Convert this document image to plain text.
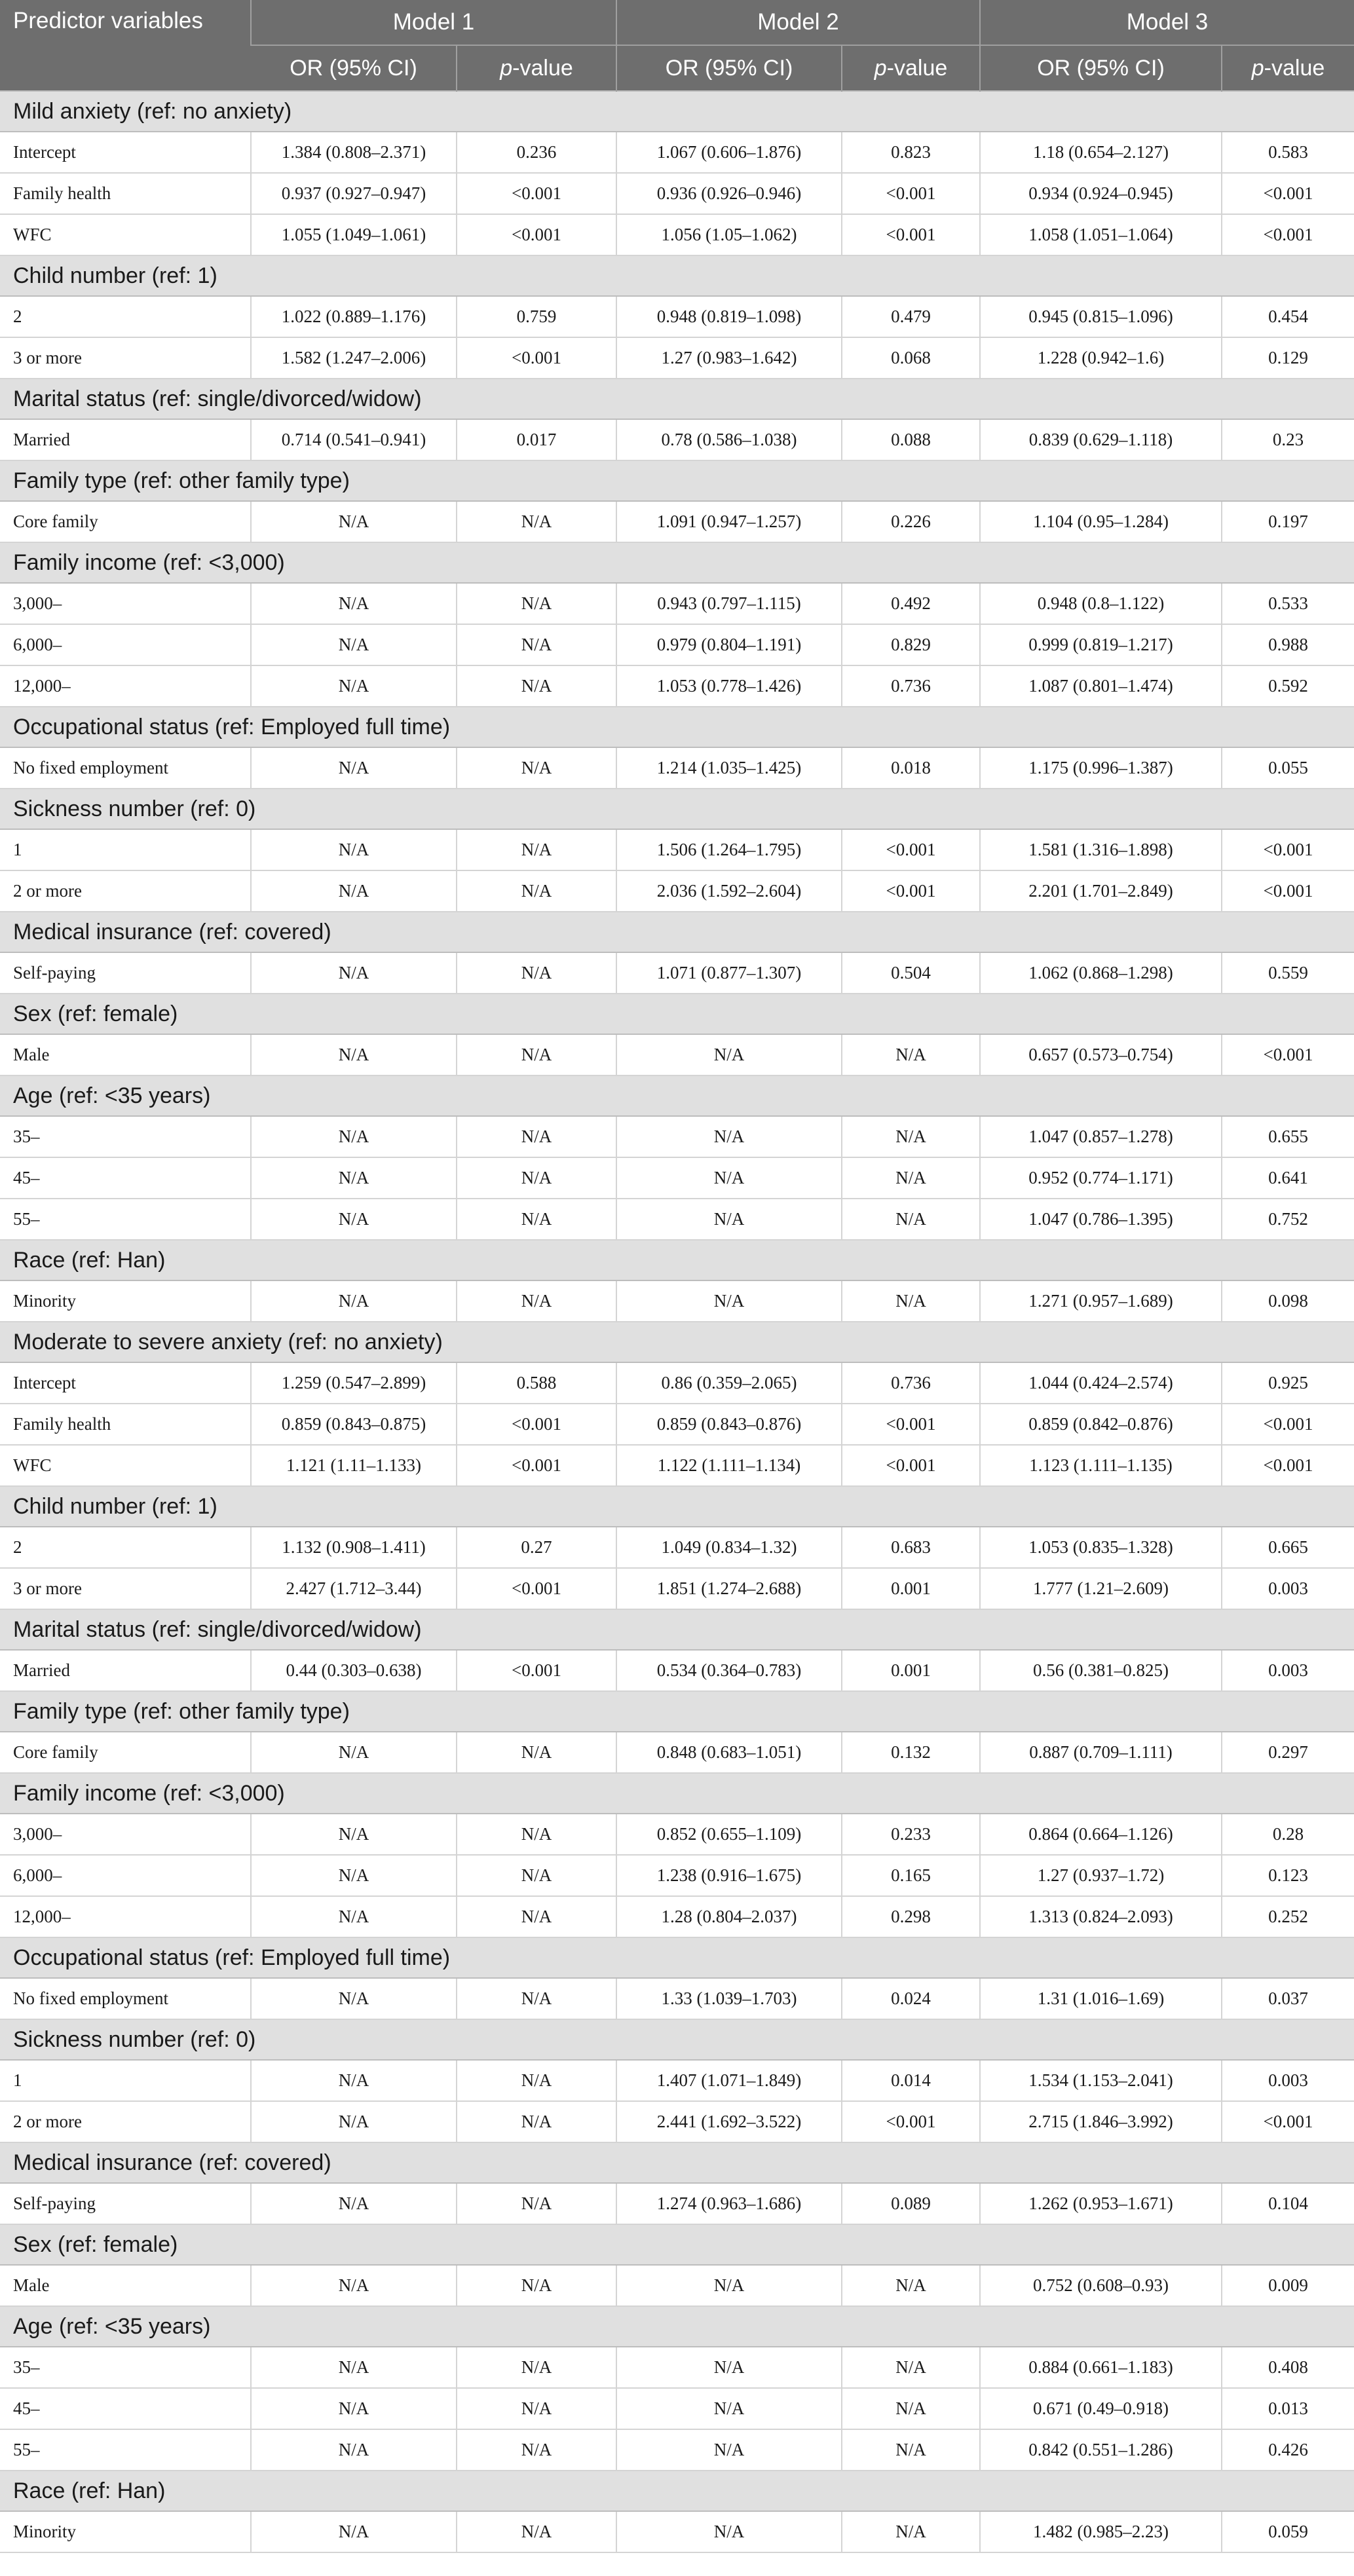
Predictor variables	Model 1		Model 2		Model 3	
	OR (95% CI)	p-value	OR (95% CI)	p-value	OR (95% CI)	p-value
Mild anxiety (ref: no anxiety)						
Intercept	1.384 (0.808–2.371)	0.236	1.067 (0.606–1.876)	0.823	1.18 (0.654–2.127)	0.583
Family health	0.937 (0.927–0.947)	<0.001	0.936 (0.926–0.946)	<0.001	0.934 (0.924–0.945)	<0.001
WFC	1.055 (1.049–1.061)	<0.001	1.056 (1.05–1.062)	<0.001	1.058 (1.051–1.064)	<0.001
Child number (ref: 1)						
2	1.022 (0.889–1.176)	0.759	0.948 (0.819–1.098)	0.479	0.945 (0.815–1.096)	0.454
3 or more	1.582 (1.247–2.006)	<0.001	1.27 (0.983–1.642)	0.068	1.228 (0.942–1.6)	0.129
Marital status (ref: single/divorced/widow)						
Married	0.714 (0.541–0.941)	0.017	0.78 (0.586–1.038)	0.088	0.839 (0.629–1.118)	0.23
Family type (ref: other family type)						
Core family	N/A	N/A	1.091 (0.947–1.257)	0.226	1.104 (0.95–1.284)	0.197
Family income (ref: <3,000)						
3,000–	N/A	N/A	0.943 (0.797–1.115)	0.492	0.948 (0.8–1.122)	0.533
6,000–	N/A	N/A	0.979 (0.804–1.191)	0.829	0.999 (0.819–1.217)	0.988
12,000–	N/A	N/A	1.053 (0.778–1.426)	0.736	1.087 (0.801–1.474)	0.592
Occupational status (ref: Employed full time)						
No fixed employment	N/A	N/A	1.214 (1.035–1.425)	0.018	1.175 (0.996–1.387)	0.055
Sickness number (ref: 0)						
1	N/A	N/A	1.506 (1.264–1.795)	<0.001	1.581 (1.316–1.898)	<0.001
2 or more	N/A	N/A	2.036 (1.592–2.604)	<0.001	2.201 (1.701–2.849)	<0.001
Medical insurance (ref: covered)						
Self-paying	N/A	N/A	1.071 (0.877–1.307)	0.504	1.062 (0.868–1.298)	0.559
Sex (ref: female)						
Male	N/A	N/A	N/A	N/A	0.657 (0.573–0.754)	<0.001
Age (ref: <35 years)						
35–	N/A	N/A	N/A	N/A	1.047 (0.857–1.278)	0.655
45–	N/A	N/A	N/A	N/A	0.952 (0.774–1.171)	0.641
55–	N/A	N/A	N/A	N/A	1.047 (0.786–1.395)	0.752
Race (ref: Han)						
Minority	N/A	N/A	N/A	N/A	1.271 (0.957–1.689)	0.098
Moderate to severe anxiety (ref: no anxiety)						
Intercept	1.259 (0.547–2.899)	0.588	0.86 (0.359–2.065)	0.736	1.044 (0.424–2.574)	0.925
Family health	0.859 (0.843–0.875)	<0.001	0.859 (0.843–0.876)	<0.001	0.859 (0.842–0.876)	<0.001
WFC	1.121 (1.11–1.133)	<0.001	1.122 (1.111–1.134)	<0.001	1.123 (1.111–1.135)	<0.001
Child number (ref: 1)						
2	1.132 (0.908–1.411)	0.27	1.049 (0.834–1.32)	0.683	1.053 (0.835–1.328)	0.665
3 or more	2.427 (1.712–3.44)	<0.001	1.851 (1.274–2.688)	0.001	1.777 (1.21–2.609)	0.003
Marital status (ref: single/divorced/widow)						
Married	0.44 (0.303–0.638)	<0.001	0.534 (0.364–0.783)	0.001	0.56 (0.381–0.825)	0.003
Family type (ref: other family type)						
Core family	N/A	N/A	0.848 (0.683–1.051)	0.132	0.887 (0.709–1.111)	0.297
Family income (ref: <3,000)						
3,000–	N/A	N/A	0.852 (0.655–1.109)	0.233	0.864 (0.664–1.126)	0.28
6,000–	N/A	N/A	1.238 (0.916–1.675)	0.165	1.27 (0.937–1.72)	0.123
12,000–	N/A	N/A	1.28 (0.804–2.037)	0.298	1.313 (0.824–2.093)	0.252
Occupational status (ref: Employed full time)						
No fixed employment	N/A	N/A	1.33 (1.039–1.703)	0.024	1.31 (1.016–1.69)	0.037
Sickness number (ref: 0)						
1	N/A	N/A	1.407 (1.071–1.849)	0.014	1.534 (1.153–2.041)	0.003
2 or more	N/A	N/A	2.441 (1.692–3.522)	<0.001	2.715 (1.846–3.992)	<0.001
Medical insurance (ref: covered)						
Self-paying	N/A	N/A	1.274 (0.963–1.686)	0.089	1.262 (0.953–1.671)	0.104
Sex (ref: female)						
Male	N/A	N/A	N/A	N/A	0.752 (0.608–0.93)	0.009
Age (ref: <35 years)						
35–	N/A	N/A	N/A	N/A	0.884 (0.661–1.183)	0.408
45–	N/A	N/A	N/A	N/A	0.671 (0.49–0.918)	0.013
55–	N/A	N/A	N/A	N/A	0.842 (0.551–1.286)	0.426
Race (ref: Han)						
Minority	N/A	N/A	N/A	N/A	1.482 (0.985–2.23)	0.059
